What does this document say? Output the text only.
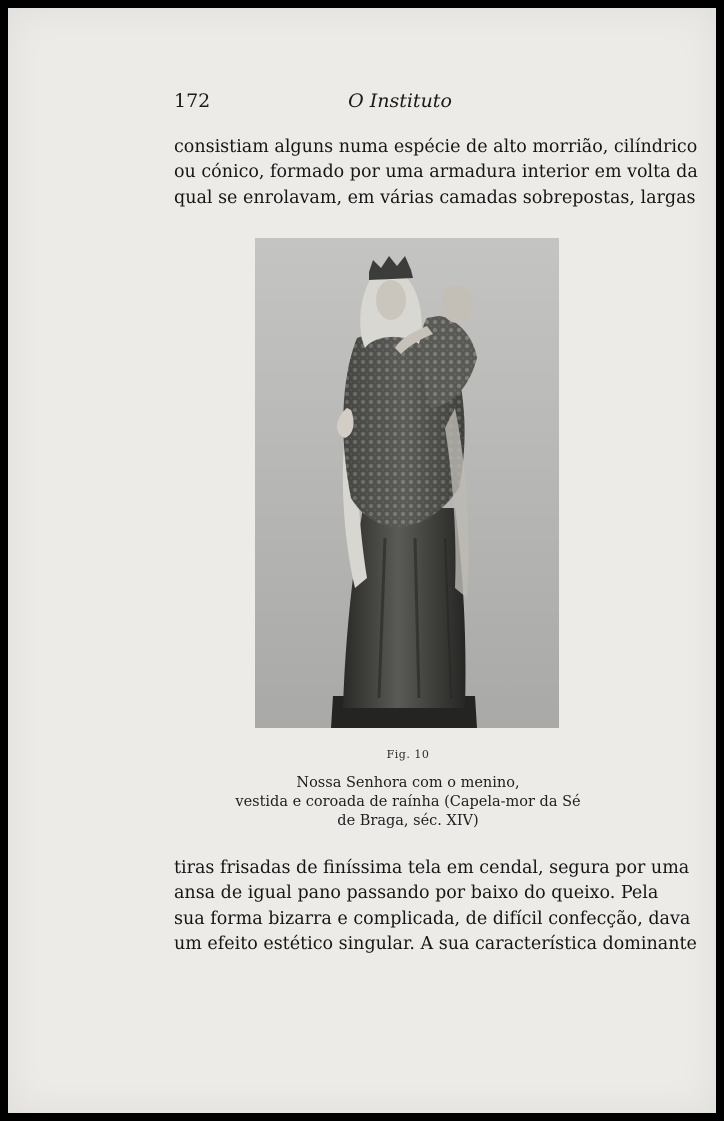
172	O Instituto

consistiam alguns numa espécie de alto morrião, cilíndrico
ou cónico, formado por uma armadura interior em volta da
qual se enrolavam, em várias camadas sobrepostas, largas

Fig. 10
Nossa Senhora com o menino,
vestida e coroada de raínha (Capela-mor da Sé
de Braga, séc. XIV)

tiras frisadas de finíssima tela em cendal, segura por uma
ansa de igual pano passando por baixo do queixo. Pela
sua forma bizarra e complicada, de difícil confecção, dava
um efeito estético singular. A sua característica dominante
